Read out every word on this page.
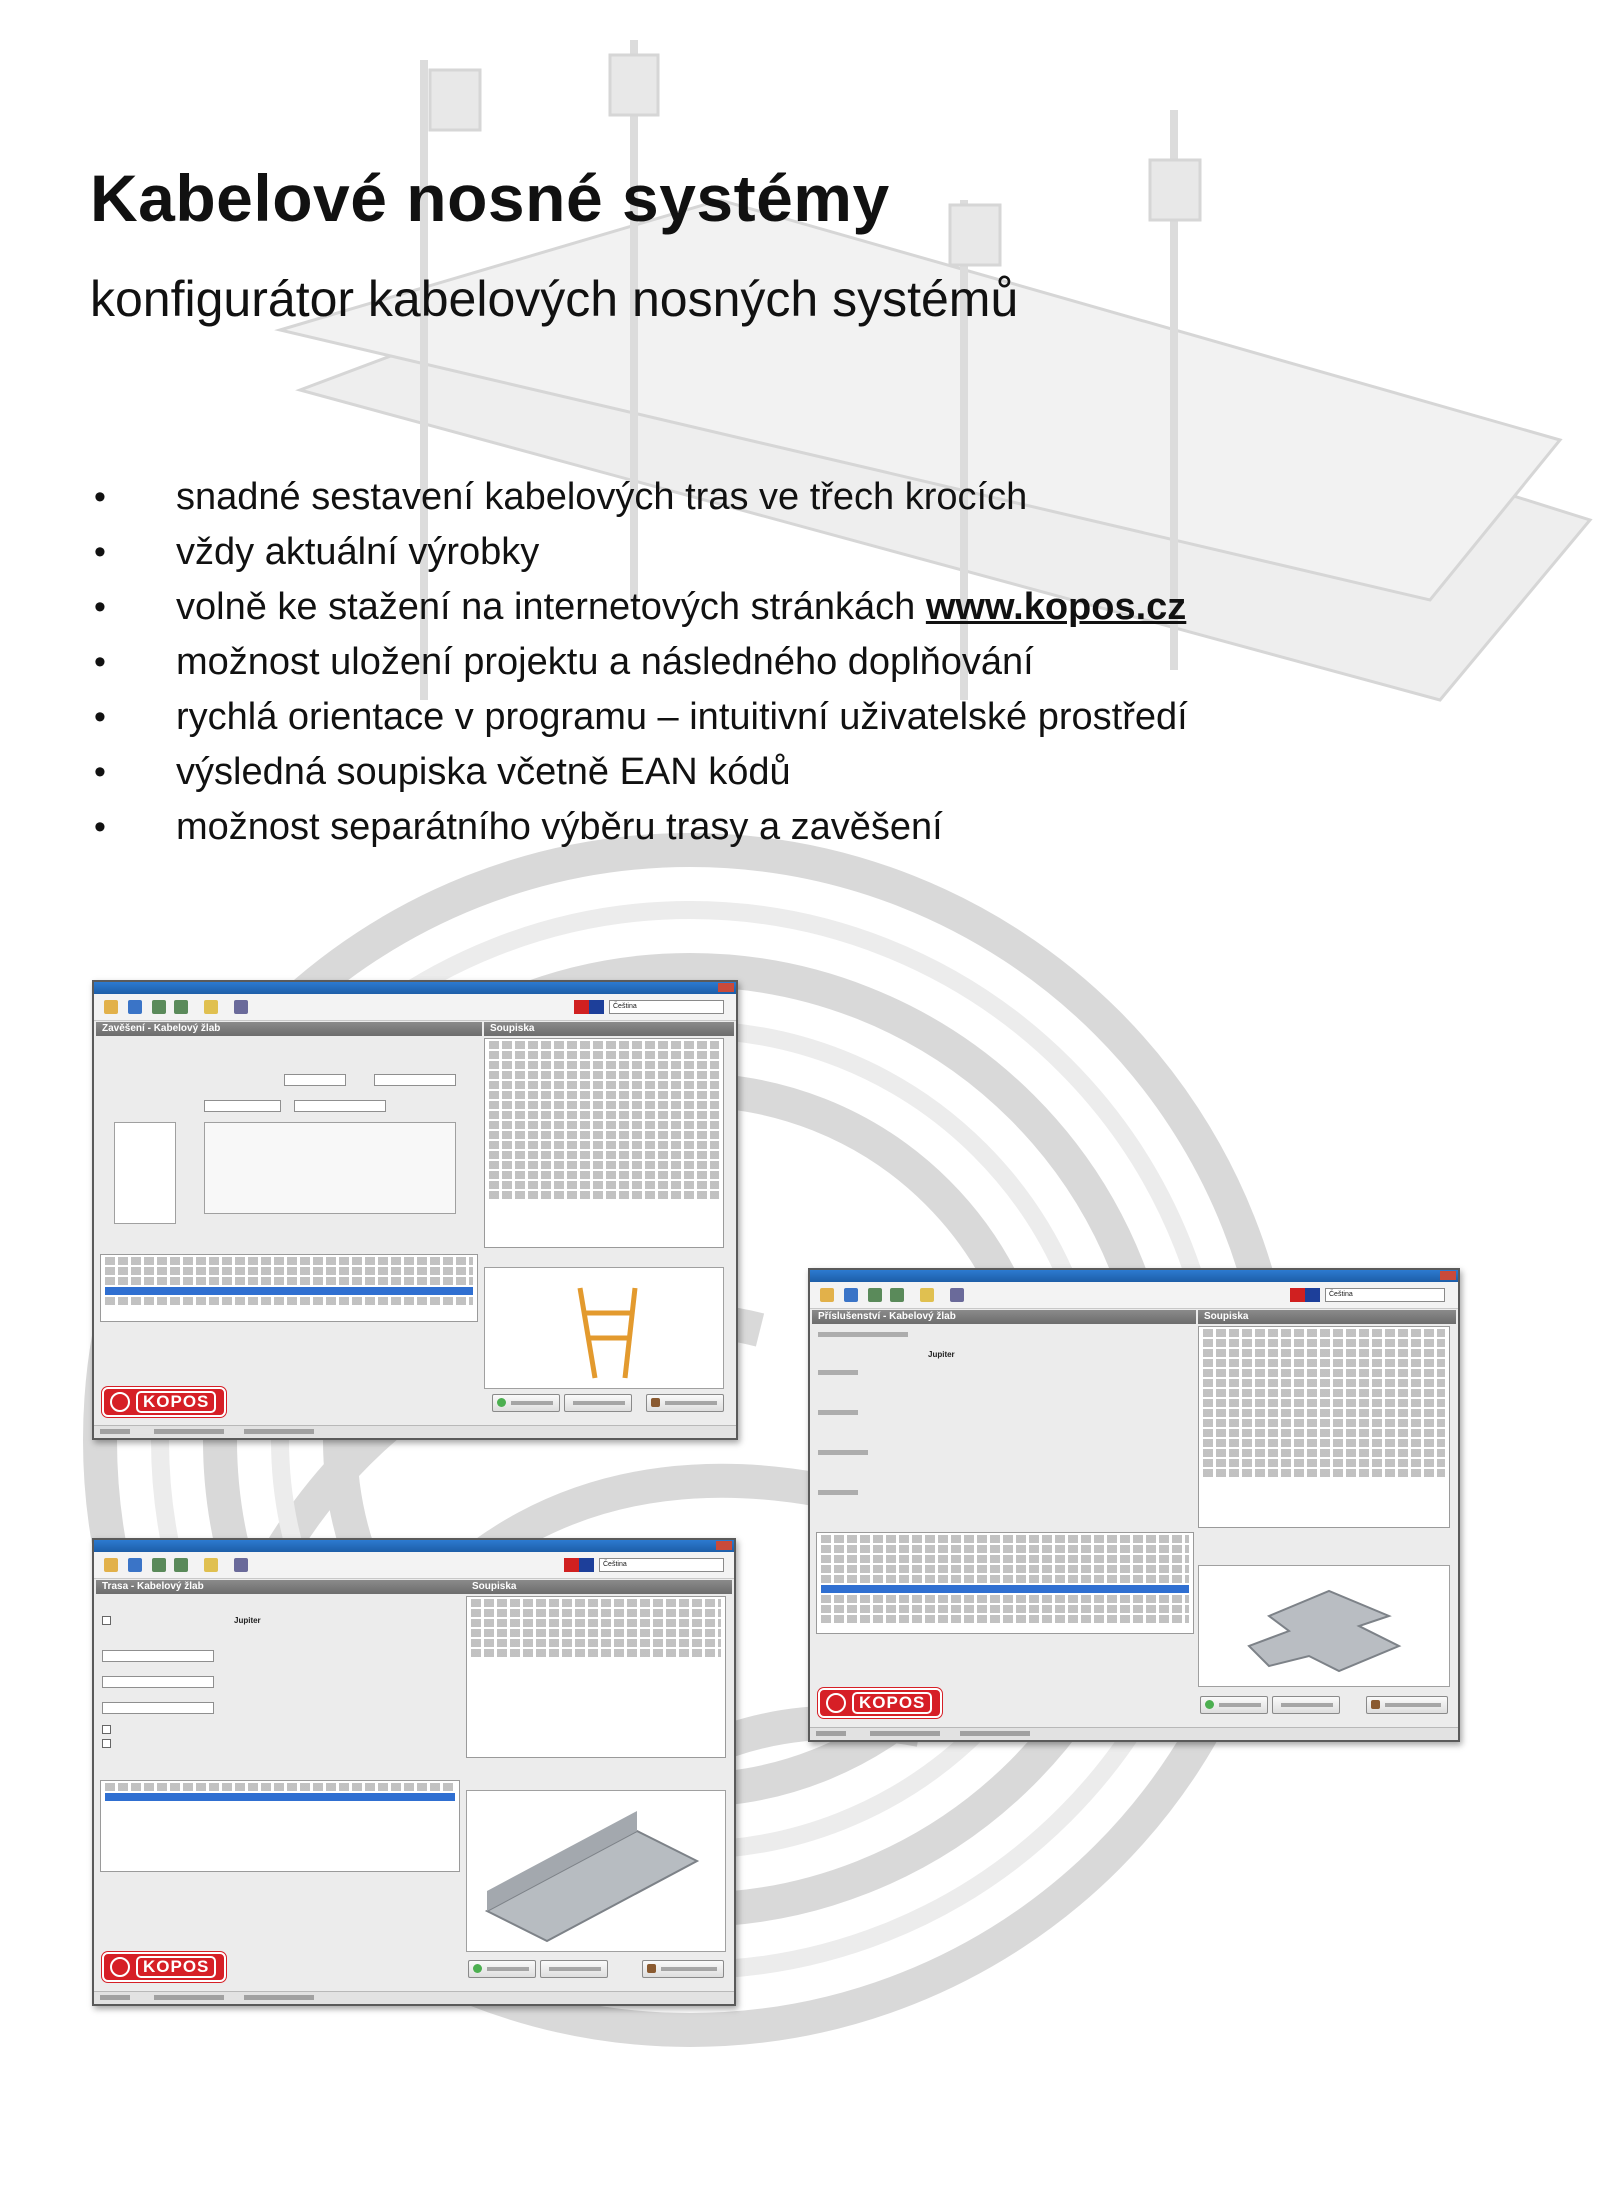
Kabelové nosné systémy
konfigurátor kabelových nosných systémů
• snadné sestavení kabelových tras ve třech krocích
• vždy aktuální výrobky
• volně ke stažení na internetových stránkách www.kopos.cz
• možnost uložení projektu a následného doplňování
• rychlá orientace v programu – intuitivní uživatelské prostředí
• výsledná soupiska včetně EAN kódů
• možnost separátního výběru trasy a zavěšení
Čeština
Zavěšení - Kabelový žlab	Soupiska
KOPOS
Čeština
Příslušenství - Kabelový žlab	Soupiska
Jupiter
KOPOS
Čeština
Trasa - Kabelový žlab	Soupiska
Jupiter
KOPOS
